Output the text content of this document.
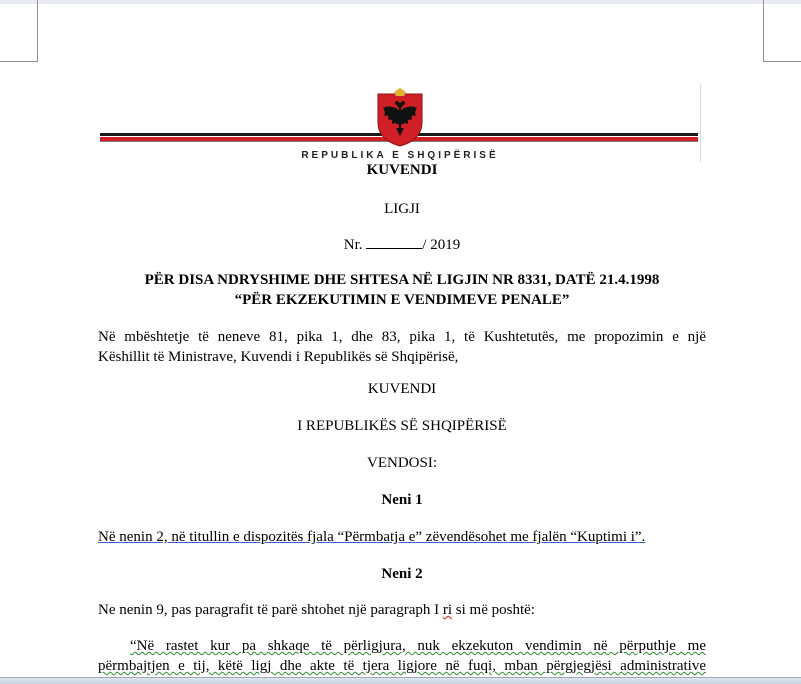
REPUBLIKA E SHQIPËRISË
KUVENDI
LIGJI
Nr.	/ 2019
PËR DISA NDRYSHIME DHE SHTESA NË LIGJIN NR 8331, DATË 21.4.1998
“PËR EKZEKUTIMIN E VENDIMEVE PENALE”
Në mbështetje të neneve 81, pika 1, dhe 83, pika 1, të Kushtetutës, me propozimin e një
Këshillit të Ministrave, Kuvendi i Republikës së Shqipërisë,
KUVENDI
I REPUBLIKËS SË SHQIPËRISË
VENDOSI:
Neni 1
Në nenin 2, në titullin e dispozitës fjala “Përmbatja e” zëvendësohet me fjalën “Kuptimi i”.
Neni 2
Ne nenin 9, pas paragrafit të parë shtohet një paragraph I ri si më poshtë:
“Në rastet kur pa shkaqe të përligjura, nuk ekzekuton vendimin në përputhje me
përmbajtjen e tij, këtë ligj dhe akte të tjera ligjore në fuqi, mban përgjegjësi administrative
